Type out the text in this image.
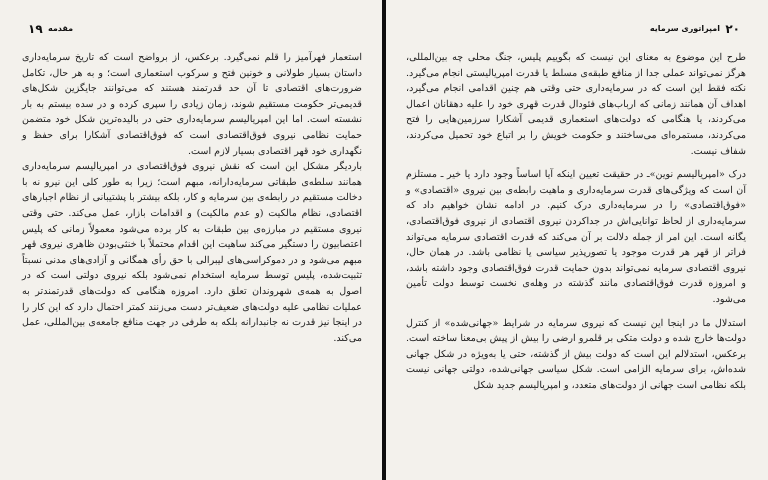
۱۹ مقدمه

استعمار فهرآمیز را قلم نمی‌گیرد. برعکس، از برواضح است که تاریخ سرمایه‌داری داستان بسیار طولانی و خونین فتح و سرکوب استعماری است؛ و به هر حال، تکامل ضرورت‌های اقتصادی تا آن حد قدرتمند هستند که می‌توانند جایگزین شکل‌های قدیمی‌تر حکومت مستقیم شوند، زمان زیادی را سپری کرده و در سده بیستم به بار نشسته است. اما این امپریالیسم سرمایه‌داری حتی در بالیده‌ترین شکل خود متضمن حمایت نظامی نیروی فوق‌اقتصادی است که فوق‌اقتصادی آشکارا برای حفظ و نگهداری خود قهر اقتصادی بسیار لازم است.

باردیگر مشکل این است که نقش نیروی فوق‌اقتصادی در امپریالیسم سرمایه‌داری همانند سلطه‌ی طبقاتی سرمایه‌دارانه، مبهم است؛ زیرا به طور کلی این نیرو نه با دخالت مستقیم در رابطه‌ی بین سرمایه و کار، بلکه بیشتر با پشتیبانی از نظام اجبارهای اقتصادی، نظام مالکیت (و عدم مالکیت) و اقدامات بازار، عمل می‌کند. حتی وقتی نیروی مستقیم در مبارزه‌ی بین طبقات به کار برده می‌شود معمولاً زمانی که پلیس اعتصابیون را دستگیر می‌کند ساهیت این اقدام محتملاً با خنثی‌بودن ظاهری نیروی قهر مبهم می‌شود و در دموکراسی‌های لیبرالی با حق رأی همگانی و آزادی‌های مدنی نسبتاً تثبیت‌شده، پلیس توسط سرمایه استخدام نمی‌شود بلکه نیروی دولتی است که در اصول به همه‌ی شهروندان تعلق دارد. امروزه هنگامی که دولت‌های قدرتمندتر به عملیات نظامی علیه دولت‌های ضعیف‌تر دست می‌زنند کمتر احتمال دارد که این کار را در اینجا نیز قدرت نه جانبدارانه بلکه به طرفی در جهت منافع جامعه‌ی بین‌المللی، عمل می‌کند.

۲۰
امپراتوری سرمایه

طرح این موضوع به معنای این نیست که بگوییم پلیس، جنگ محلی چه بین‌المللی، هرگز نمی‌تواند عملی جدا از منافع طبقه‌ی مسلط یا قدرت امپریالیستی انجام می‌گیرد. نکته فقط این است که در سرمایه‌داری حتی وقتی هم چنین اقدامی انجام می‌گیرد، اهداف آن همانند زمانی که ارباب‌های فئودال قدرت قهری خود را علیه دهقانان اعمال می‌کردند، یا هنگامی که دولت‌های استعماری قدیمی آشکارا سرزمین‌هایی را فتح می‌کردند، مستمره‌ای می‌ساختند و حکومت خویش را بر اتباع خود تحمیل می‌کردند، شفاف نیست.

درک «امپریالیسم نوین»ـ در حقیقت تعیین اینکه آیا اساساً وجود دارد یا خیر ـ مستلزم آن است که ویژگی‌های قدرت سرمایه‌داری و ماهیت رابطه‌ی بین نیروی «اقتصادی» و «فوق‌اقتصادی» را در سرمایه‌داری درک کنیم. در ادامه نشان خواهیم داد که سرمایه‌داری از لحاظ توانایی‌اش در جداکردن نیروی اقتصادی از نیروی فوق‌اقتصادی، یگانه است. این امر از جمله دلالت بر آن می‌کند که قدرت اقتصادی سرمایه می‌تواند فراتر از قهر هر قدرت موجود یا تصورپذیر سیاسی یا نظامی باشد. در همان حال، نیروی اقتصادی سرمایه نمی‌تواند بدون حمایت قدرت فوق‌اقتصادی وجود داشته باشد، و امروزه قدرت فوق‌اقتصادی مانند گذشته در وهله‌ی نخست توسط دولت تأمین می‌شود.

استدلال ما در اینجا این نیست که نیروی سرمایه در شرایط «جهانی‌شده» از کنترل دولت‌ها خارج شده و دولت متکی بر قلمرو ارضی را بیش از پیش بی‌معنا ساخته است. برعکس، استدلالم این است که دولت بیش از گذشته، حتی یا به‌ویژه در شکل جهانی شده‌اش، برای سرمایه الزامی است. شکل سیاسی جهانی‌شده، دولتی جهانی نیست بلکه نظامی است جهانی از دولت‌های متعدد، و امپریالیسم جدید شکل
